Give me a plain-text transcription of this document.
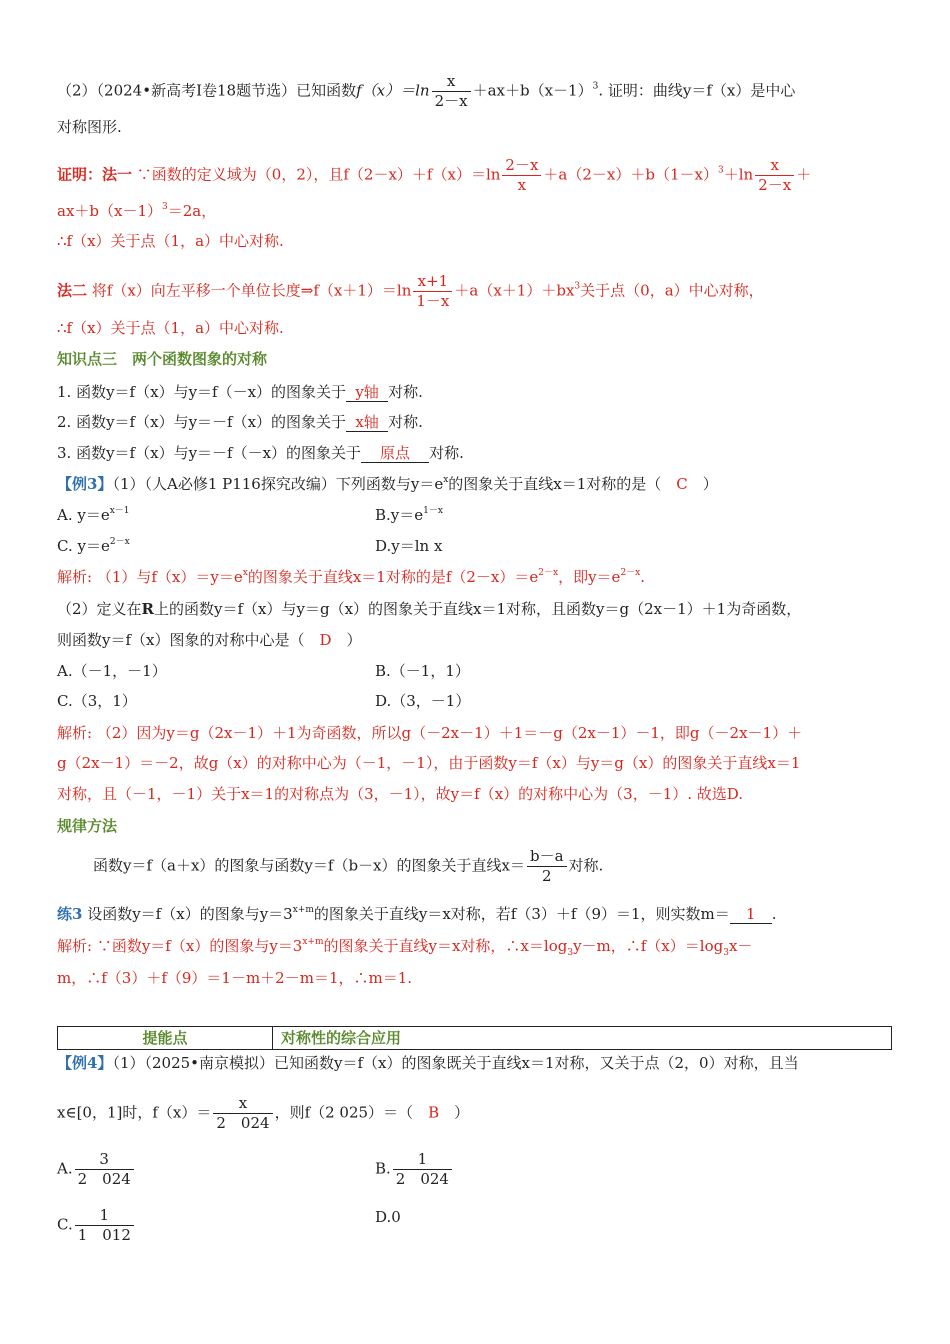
（2）（2024•新高考Ⅰ卷18题节选）已知函数$f(x)=\ln \frac{x}{2-x} +ax+b(x-1)^3$. 证明：曲线y＝f（x）是中心
对称图形.
证明：法一 ∵函数的定义域为（0，2），且$f(2-x)+f(x)=\ln \frac{2-x}{x} +a(2-x)+b(1-x)^3+\ln \frac{x}{2-x}$ ＋
$ax+b(x-1)^3=2a$，
∴f（x）关于点（1，a）中心对称.
法二 将f（x）向左平移一个单位长度⇒f（x＋1）＝ln $\frac{x+1}{1-x} +a(x+1)+bx^3$关于点（0，a）中心对称，
∴f（x）关于点（1，a）中心对称.
知识点三　两个函数图象的对称
1. 函数y＝f（x）与y＝f（－x）的图象关于 y轴 对称.
2. 函数y＝f（x）与y＝－f（x）的图象关于 x轴 对称.
3. 函数y＝f（x）与y＝－f（－x）的图象关于 原点 对称.
【例3】（1）（人A必修1 P116探究改编）下列函数与$y=e^x$的图象关于直线x＝1对称的是（　C　）
A. $y=e^{x-1}$	$B.y=e^{1-x}$
C. $y=e^{2-x}$	D.y＝ln x
解析: （1）与$f(x)=y=e^x$的图象关于直线x＝1对称的是$f(2-x)=e^{2-x}$，即$y=e^{2-x}$.
（2）定义在R上的函数y＝f（x）与y＝g（x）的图象关于直线x＝1对称，且函数y＝g（2x－1）＋1为奇函数，
则函数y＝f（x）图象的对称中心是（　D　）
A.（－1，－1）	B.（－1，1）
C.（3，1）	D.（3，－1）
解析: （2）因为y＝g（2x－1）＋1为奇函数，所以g（－2x－1）＋1＝－g（2x－1）－1，即g（－2x－1）＋
g（2x－1）＝－2，故g（x）的对称中心为（－1，－1），由于函数y＝f（x）与y＝g（x）的图象关于直线x＝1
对称，且（－1，－1）关于x＝1的对称点为（3，－1），故y＝f（x）的对称中心为（3，－1）. 故选D.
规律方法
函数y＝f（a＋x）的图象与函数y＝f（b－x）的图象关于直线$x= \frac{b-a}{2}$ 对称.
练3 设函数y＝f（x）的图象与$y=3^{x+m}$的图象关于直线y＝x对称，若f（3）＋f（9）＝1，则实数m＝ 1 .
解析: ∵函数y＝f（x）的图象与$y=3^{x+m}$的图象关于直线y＝x对称，$\therefore x=\log_3y-m$，$\therefore f(x)=\log_3x-$
m，∴f（3）＋f（9）＝1－m＋2－m＝1，∴m＝1.
提能点	对称性的综合应用
【例4】（1）（2025•南京模拟）已知函数y＝f（x）的图象既关于直线x＝1对称，又关于点（2，0）对称，且当
x∈[0，1]时，$f(x)= \frac{x}{2 024}$ ，则f（2 025）＝（　B　）
A. $\frac{3}{2 024}$	B. $\frac{1}{2 024}$
C. $\frac{1}{1 012}$	D.0
